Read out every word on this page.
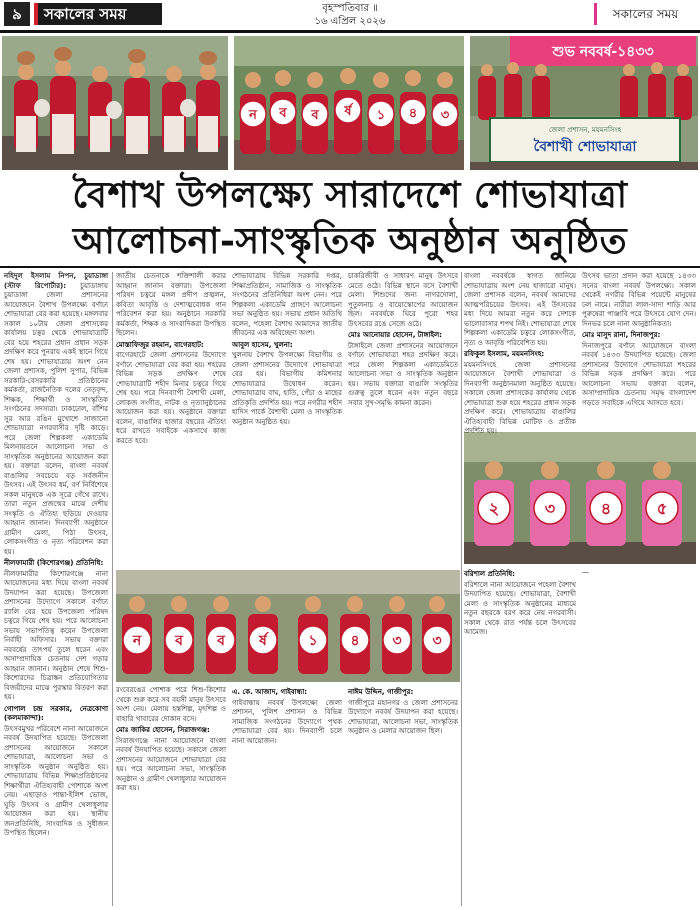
৯	সকালের সময়	বৃহস্পতিবার ॥
১৬ এপ্রিল ২০২৬
সকালের সময়
ন ব ব র্ষ ১ ৪ ৩
শুভ নববর্ষ-১৪৩৩
জেলা প্রশাসন, ময়মনসিংহ
বৈশাখী শোভাযাত্রা
বৈশাখ উপলক্ষ্যে সারাদেশে শোভাযাত্রা
আলোচনা-সাংস্কৃতিক অনুষ্ঠান অনুষ্ঠিত

নহিদুল ইসলাম নিপন, চুয়াডাঙ্গা (স্টাফ রিপোর্টার): চুয়াডাঙ্গায় চুয়াডাঙ্গা জেলা প্রশাসনের আয়োজনে বৈশাখ উপলক্ষ্যে বর্ণাঢ্য শোভাযাত্রা বের করা হয়েছে। মঙ্গলবার সকাল ১০টায় জেলা প্রশাসকের কার্যালয় চত্বর থেকে শোভাযাত্রাটি বের হয়ে শহরের প্রধান প্রধান সড়ক প্রদক্ষিণ করে পুনরায় একই স্থানে গিয়ে শেষ হয়। শোভাযাত্রায় অংশ নেন জেলা প্রশাসক, পুলিশ সুপার, বিভিন্ন সরকারি-বেসরকারি প্রতিষ্ঠানের কর্মকর্তা, রাজনৈতিক দলের নেতৃবৃন্দ, শিক্ষক, শিক্ষার্থী ও সাংস্কৃতিক সংগঠনের সদস্যরা। ঢাকঢোল, বাঁশির সুর আর রঙিন মুখোশে সাজানো শোভাযাত্রা নগরবাসীর দৃষ্টি কাড়ে। পরে জেলা শিল্পকলা একাডেমি মিলনায়তনে আলোচনা সভা ও সাংস্কৃতিক অনুষ্ঠানের আয়োজন করা হয়। বক্তারা বলেন, বাংলা নববর্ষ বাঙালির সবচেয়ে বড় সর্বজনীন উৎসব। এই উৎসব ধর্ম, বর্ণ নির্বিশেষে সকল মানুষকে এক সূত্রে গেঁথে রাখে। তারা নতুন প্রজন্মের মাঝে দেশীয় সংস্কৃতি ও ঐতিহ্য ছড়িয়ে দেওয়ার আহ্বান জানান। দিনব্যাপী অনুষ্ঠানে গ্রামীণ মেলা, পিঠা উৎসব, লোকসংগীত ও নৃত্য পরিবেশন করা হয়।

নীলফামারী (কিশোরগঞ্জ) প্রতিনিধি:

নীলফামারীর কিশোরগঞ্জে নানা আয়োজনের মধ্য দিয়ে বাংলা নববর্ষ উদযাপন করা হয়েছে। উপজেলা প্রশাসনের উদ্যোগে সকালে বর্ণাঢ্য র‍্যালি বের হয়ে উপজেলা পরিষদ চত্বরে গিয়ে শেষ হয়। পরে আলোচনা সভায় সভাপতিত্ব করেন উপজেলা নির্বাহী অফিসার। সভায় বক্তারা নববর্ষের তাৎপর্য তুলে ধরেন এবং অসাম্প্রদায়িক চেতনায় দেশ গড়ার আহ্বান জানান। অনুষ্ঠান শেষে শিশু-কিশোরদের চিত্রাঙ্কন প্রতিযোগিতার বিজয়ীদের মাঝে পুরস্কার বিতরণ করা হয়।

গোপাল চন্দ্র সরকার, নেত্রকোণা (কলমাকান্দা):

উৎসবমুখর পরিবেশে নানা আয়োজনে নববর্ষ উদযাপিত হয়েছে। উপজেলা প্রশাসনের আয়োজনে সকালে শোভাযাত্রা, আলোচনা সভা ও সাংস্কৃতিক অনুষ্ঠান অনুষ্ঠিত হয়। শোভাযাত্রায় বিভিন্ন শিক্ষাপ্রতিষ্ঠানের শিক্ষার্থীরা ঐতিহ্যবাহী পোশাকে অংশ নেয়। এছাড়াও পান্তা-ইলিশ ভোজ, ঘুড়ি উৎসব ও গ্রামীণ খেলাধুলার আয়োজন করা হয়। স্থানীয় জনপ্রতিনিধি, সাংবাদিক ও সুধীজন উপস্থিত ছিলেন।

জাতীয় চেতনাকে শক্তিশালী করার আহ্বান জানান বক্তারা। উপজেলা পরিষদ চত্বরে মঙ্গল প্রদীপ প্রজ্বলন, কবিতা আবৃত্তি ও দেশাত্মবোধক গান পরিবেশন করা হয়। অনুষ্ঠানে সরকারি কর্মকর্তা, শিক্ষক ও সাংবাদিকরা উপস্থিত ছিলেন।

মোস্তাফিজুর রহমান, বাগেরহাট:

বাগেরহাটে জেলা প্রশাসনের উদ্যোগে বর্ণাঢ্য শোভাযাত্রা বের করা হয়। শহরের বিভিন্ন সড়ক প্রদক্ষিণ শেষে শোভাযাত্রাটি শহীদ মিনার চত্বরে গিয়ে শেষ হয়। পরে দিনব্যাপী বৈশাখী মেলা, লোকজ সংগীত, নাটক ও নৃত্যানুষ্ঠানের আয়োজন করা হয়। অনুষ্ঠানে বক্তারা বলেন, বাঙালির হাজার বছরের ঐতিহ্য ধরে রাখতে সবাইকে একসাথে কাজ করতে হবে।

শোভাযাত্রায় বিভিন্ন সরকারি দপ্তর, শিক্ষাপ্রতিষ্ঠান, সামাজিক ও সাংস্কৃতিক সংগঠনের প্রতিনিধিরা অংশ নেন। পরে শিল্পকলা একাডেমি প্রাঙ্গণে আলোচনা সভা অনুষ্ঠিত হয়। সভায় প্রধান অতিথি বলেন, পহেলা বৈশাখ আমাদের জাতীয় জীবনের এক অবিচ্ছেদ্য অংশ।

আবুল হাসেম, খুলনা:

খুলনায় বৈশাখ উপলক্ষ্যে বিভাগীয় ও জেলা প্রশাসনের উদ্যোগে শোভাযাত্রা বের হয়। বিভাগীয় কমিশনার শোভাযাত্রার উদ্বোধন করেন। শোভাযাত্রায় বাঘ, হাতি, পেঁচা ও মাছের প্রতিকৃতি প্রদর্শিত হয়। পরে নগরীর শহীদ হাদিস পার্কে বৈশাখী মেলা ও সাংস্কৃতিক অনুষ্ঠান অনুষ্ঠিত হয়।

চাকরিজীবী ও সাধারণ মানুষ উৎসবে মেতে ওঠে। বিভিন্ন স্থানে বসে বৈশাখী মেলা। শিশুদের জন্য নাগরদোলা, পুতুলনাচ ও বায়োস্কোপের আয়োজন ছিল। নববর্ষকে ঘিরে পুরো শহর উৎসবের রঙে সেজে ওঠে।

মোঃ আনোয়ার হোসেন, টাঙ্গাইল:

টাঙ্গাইলে জেলা প্রশাসনের আয়োজনে বর্ণাঢ্য শোভাযাত্রা শহর প্রদক্ষিণ করে। পরে জেলা শিল্পকলা একাডেমিতে আলোচনা সভা ও সাংস্কৃতিক অনুষ্ঠান হয়। সভায় বক্তারা বাঙালি সংস্কৃতির গুরুত্ব তুলে ধরেন এবং নতুন বছরে সবার সুখ-সমৃদ্ধি কামনা করেন।

ন ব ব র্ষ	১ ৪ ৩ ৩
২	৩	৪	৫

রংবেরঙের পোশাক পরে শিশু-কিশোর থেকে শুরু করে সব বয়সী মানুষ উৎসবে অংশ নেয়। মেলায় হস্তশিল্প, মৃৎশিল্প ও বাহারি খাবারের দোকান বসে।

মোঃ জাকির হোসেন, সিরাজগঞ্জ:

সিরাজগঞ্জে নানা আয়োজনে বাংলা নববর্ষ উদযাপিত হয়েছে। সকালে জেলা প্রশাসনের আয়োজনে শোভাযাত্রা বের হয়। পরে আলোচনা সভা, সাংস্কৃতিক অনুষ্ঠান ও গ্রামীণ খেলাধুলার আয়োজন করা হয়।

এ. কে. আজাদ, গাইবান্ধা:

গাইবান্ধায় নববর্ষ উপলক্ষ্যে জেলা প্রশাসন, পুলিশ প্রশাসন ও বিভিন্ন সামাজিক সংগঠনের উদ্যোগে পৃথক শোভাযাত্রা বের হয়। দিনব্যাপী চলে নানা আয়োজন।

নাঈম উদ্দিন, গাজীপুর:

গাজীপুরে মহানগর ও জেলা প্রশাসনের উদ্যোগে নববর্ষ উদযাপন করা হয়েছে। শোভাযাত্রা, আলোচনা সভা, সাংস্কৃতিক অনুষ্ঠান ও মেলার আয়োজন ছিল।

বাংলা নববর্ষকে স্বাগত জানিয়ে শোভাযাত্রায় অংশ নেয় হাজারো মানুষ। জেলা প্রশাসক বলেন, নববর্ষ আমাদের আত্মপরিচয়ের উৎসব। এই উৎসবের মধ্য দিয়ে আমরা নতুন করে দেশকে ভালোবাসার শপথ নিই। শোভাযাত্রা শেষে শিল্পকলা একাডেমি চত্বরে লোকসংগীত, নৃত্য ও আবৃত্তি পরিবেশিত হয়।

রফিকুল ইসলাম, ময়মনসিংহ:

ময়মনসিংহে জেলা প্রশাসনের আয়োজনে বৈশাখী শোভাযাত্রা ও দিনব্যাপী অনুষ্ঠানমালা অনুষ্ঠিত হয়েছে। সকালে জেলা প্রশাসকের কার্যালয় থেকে শোভাযাত্রা শুরু হয়ে শহরের প্রধান সড়ক প্রদক্ষিণ করে। শোভাযাত্রায় বাঙালির ঐতিহ্যবাহী বিভিন্ন মোটিফ ও প্রতীক প্রদর্শিত হয়।

উৎসব ভাতা প্রদান করা হয়েছে ১৪৩৩ সনের বাংলা নববর্ষ উপলক্ষ্যে। সকাল থেকেই নগরীর বিভিন্ন পয়েন্টে মানুষের ঢল নামে। নারীরা লাল-সাদা শাড়ি আর পুরুষেরা পাঞ্জাবি পরে উৎসবে যোগ দেন। দিনভর চলে নানা আনুষ্ঠানিকতা।

মোঃ মাসুদ রানা, দিনাজপুর:

দিনাজপুরে বর্ণাঢ্য আয়োজনে বাংলা নববর্ষ ১৪৩৩ উদযাপিত হয়েছে। জেলা প্রশাসনের উদ্যোগে শোভাযাত্রা শহরের বিভিন্ন সড়ক প্রদক্ষিণ করে। পরে আলোচনা সভায় বক্তারা বলেন, অসাম্প্রদায়িক চেতনায় সমৃদ্ধ বাংলাদেশ গড়তে সবাইকে এগিয়ে আসতে হবে।

বরিশাল প্রতিনিধি:

বরিশালে নানা আয়োজনে পহেলা বৈশাখ উদযাপিত হয়েছে। শোভাযাত্রা, বৈশাখী মেলা ও সাংস্কৃতিক অনুষ্ঠানের মাধ্যমে নতুন বছরকে বরণ করে নেয় নগরবাসী। সকাল থেকে রাত পর্যন্ত চলে উৎসবের আমেজ।

—
